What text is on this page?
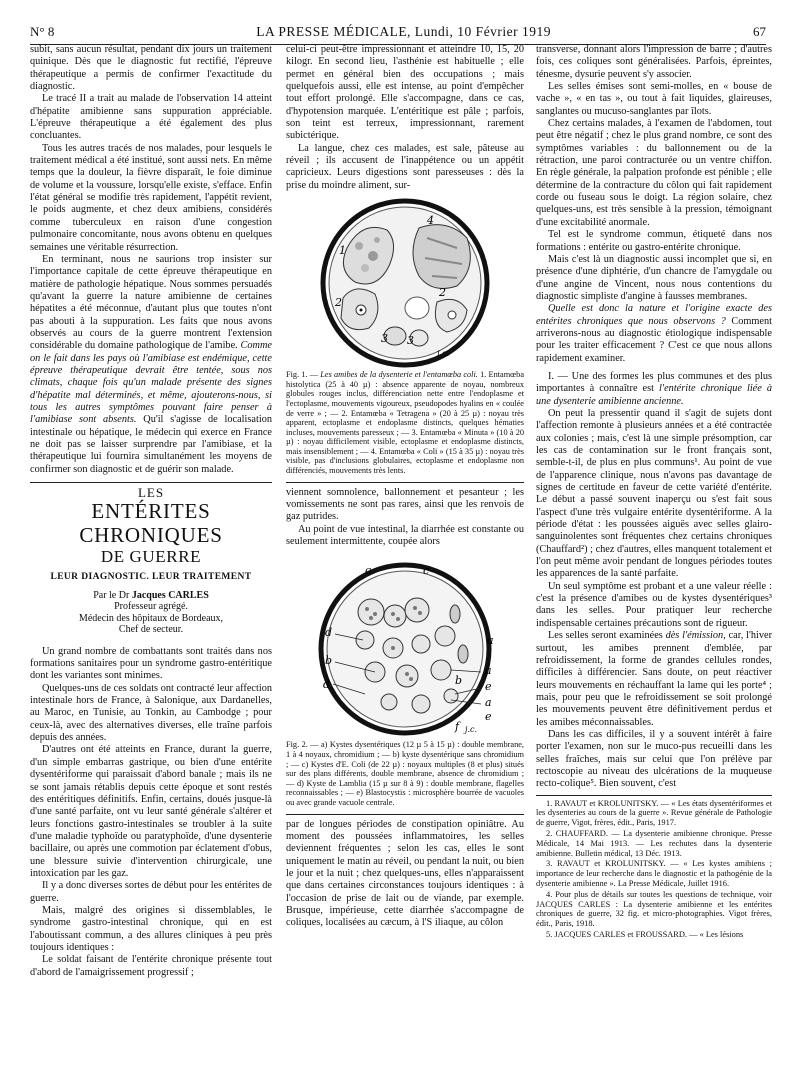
N° 8	LA PRESSE MÉDICALE, Lundi, 10 Février 1919	67

subit, sans aucun résultat, pendant dix jours un traitement quinique. Dès que le diagnostic fut rectifié, l'épreuve thérapeutique a permis de confirmer l'exactitude du diagnostic.

Le tracé II a trait au malade de l'observation 14 atteint d'hépatite amibienne sans suppuration appréciable. L'épreuve thérapeutique a été également des plus concluantes.

Tous les autres tracés de nos malades, pour lesquels le traitement médical a été institué, sont aussi nets. En même temps que la douleur, la fièvre disparaît, le foie diminue de volume et la voussure, lorsqu'elle existe, s'efface. Enfin l'état général se modifie très rapidement, l'appétit revient, le poids augmente, et chez deux amibiens, considérés comme tuberculeux en raison d'une congestion pulmonaire concomitante, nous avons obtenu en quelques semaines une véritable résurrection.

En terminant, nous ne saurions trop insister sur l'importance capitale de cette épreuve thérapeutique en matière de pathologie hépatique. Nous sommes persuadés qu'avant la guerre la nature amibienne de certaines hépatites a été méconnue, d'autant plus que toutes n'ont pas abouti à la suppuration. Les faits que nous avons observés au cours de la guerre montrent l'extension considérable du domaine pathologique de l'amibe. Comme on le fait dans les pays où l'amibiase est endémique, cette épreuve thérapeutique devrait être tentée, sous nos climats, chaque fois qu'un malade présente des signes d'hépatite mal déterminés, et même, ajouterons-nous, si tous les autres symptômes pouvant faire penser à l'amibiase sont absents. Qu'il s'agisse de localisation intestinale ou hépatique, le médecin qui exerce en France ne doit pas se laisser surprendre par l'amibiase, et la thérapeutique lui fournira simultanément les moyens de confirmer son diagnostic et de guérir son malade.

LES
ENTÉRITES CHRONIQUES
DE GUERRE
LEUR DIAGNOSTIC. LEUR TRAITEMENT
Par le Dr Jacques CARLES
Professeur agrégé.
Médecin des hôpitaux de Bordeaux,
Chef de secteur.

Un grand nombre de combattants sont traités dans nos formations sanitaires pour un syndrome gastro-entéritique dont les variantes sont minimes.

Quelques-uns de ces soldats ont contracté leur affection intestinale hors de France, à Salonique, aux Dardanelles, au Maroc, en Tunisie, au Tonkin, au Cambodge ; pour ceux-là, avec des alternatives diverses, elle traîne parfois depuis des années.

D'autres ont été atteints en France, durant la guerre, d'un simple embarras gastrique, ou bien d'une entérite dysentériforme qui paraissait d'abord banale ; mais ils ne se sont jamais rétablis depuis cette époque et sont restés des entéritiques définitifs. Enfin, certains, doués jusque-là d'une santé parfaite, ont vu leur santé générale s'altérer et leurs fonctions gastro-intestinales se troubler à la suite d'une maladie typhoïde ou paratyphoïde, d'une dysenterie bacillaire, ou après une commotion par éclatement d'obus, une blessure suivie d'intervention chirurgicale, une intoxication par les gaz.

Il y a donc diverses sortes de début pour les entérites de guerre.

Mais, malgré des origines si dissemblables, le syndrome gastro-intestinal chronique, qui en est l'aboutissant commun, a des allures cliniques à peu près toujours identiques :

Le soldat faisant de l'entérite chronique présente tout d'abord de l'amaigrissement progressif ;

celui-ci peut-être impressionnant et atteindre 10, 15, 20 kilogr. En second lieu, l'asthénie est habituelle ; elle permet en général bien des occupations ; mais quelquefois aussi, elle est intense, au point d'empêcher tout effort prolongé. Elle s'accompagne, dans ce cas, d'hypotension marquée. L'entéritique est pâle ; parfois, son teint est terreux, impressionnant, rarement subictérique.

La langue, chez ces malades, est sale, pâteuse au réveil ; ils accusent de l'inappétence ou un appétit capricieux. Leurs digestions sont paresseuses : dès la prise du moindre aliment, sur-

1
2
4
2
3
3
j.c.
Fig. 1. — Les amibes de la dysenterie et l'entamœba coli. 1. Entamœba histolytica (25 à 40 µ) : absence apparente de noyau, nombreux globules rouges inclus, différenciation nette entre l'endoplasme et l'ectoplasme, mouvements vigoureux, pseudopodes hyalins en « coulée de verre » ; — 2. Entamœba « Tetragena » (20 à 25 µ) : noyau très apparent, ectoplasme et endoplasme distincts, quelques hématies incluses, mouvements paresseux ; — 3. Entamœba « Minuta » (10 à 20 µ) : noyau difficilement visible, ectoplasme et endoplasme distincts, mais insensiblement ; — 4. Entamœba « Coli » (15 à 35 µ) : noyau très visible, pas d'inclusions globulaires, ectoplasme et endoplasme non différenciés, mouvements très lents.

viennent somnolence, ballonnement et pesanteur ; les vomissements ne sont pas rares, ainsi que les renvois de gaz putrides.

Au point de vue intestinal, la diarrhée est constante ou seulement intermittente, coupée alors

c	c
a
d
b
b
d
a
e
a
e
f j.c.
Fig. 2. — a) Kystes dysentériques (12 µ 5 à 15 µ) : double membrane, 1 à 4 noyaux, chromidium ; — b) kyste dysentérique sans chromidium ; — c) Kystes d'E. Coli (de 22 µ) : noyaux multiples (8 et plus) situés sur des plans différents, double membrane, absence de chromidium ; — d) Kyste de Lamblia (15 µ sur 8 à 9) : double membrane, flagelles reconnaissables ; — e) Blastocystis : microsphère bourrée de vacuoles ou avec grande vacuole centrale.

par de longues périodes de constipation opiniâtre. Au moment des poussées inflammatoires, les selles deviennent fréquentes ; selon les cas, elles le sont uniquement le matin au réveil, ou pendant la nuit, ou bien le jour et la nuit ; chez quelques-uns, elles n'apparaissent que dans certaines circonstances toujours identiques : à l'occasion de prise de lait ou de viande, par exemple. Brusque, impérieuse, cette diarrhée s'accompagne de coliques, localisées au cæcum, à l'S iliaque, au côlon

transverse, donnant alors l'impression de barre ; d'autres fois, ces coliques sont généralisées. Parfois, épreintes, ténesme, dysurie peuvent s'y associer.

Les selles émises sont semi-molles, en « bouse de vache », « en tas », ou tout à fait liquides, glaireuses, sanglantes ou mucuso-sanglantes par îlots.

Chez certains malades, à l'examen de l'abdomen, tout peut être négatif ; chez le plus grand nombre, ce sont des symptômes variables : du ballonnement ou de la rétraction, une paroi contracturée ou un ventre chiffon. En règle générale, la palpation profonde est pénible ; elle détermine de la contracture du côlon qui fait rapidement corde ou fuseau sous le doigt. La région solaire, chez quelques-uns, est très sensible à la pression, témoignant d'une excitabilité anormale.

Tel est le syndrome commun, étiqueté dans nos formations : entérite ou gastro-entérite chronique.

Mais c'est là un diagnostic aussi incomplet que si, en présence d'une diphtérie, d'un chancre de l'amygdale ou d'une angine de Vincent, nous nous contentions du diagnostic simpliste d'angine à fausses membranes.

Quelle est donc la nature et l'origine exacte des entérites chroniques que nous observons ? Comment arriverons-nous au diagnostic étiologique indispensable pour les traiter efficacement ? C'est ce que nous allons rapidement examiner.

I. — Une des formes les plus communes et des plus importantes à connaître est l'entérite chronique liée à une dysenterie amibienne ancienne.

On peut la pressentir quand il s'agit de sujets dont l'affection remonte à plusieurs années et a été contractée aux colonies ; mais, c'est là une simple présomption, car les cas de contamination sur le front français sont, semble-t-il, de plus en plus communs¹. Au point de vue de l'apparence clinique, nous n'avons pas davantage de signes de certitude en faveur de cette variété d'entérite. Le début a passé souvent inaperçu ou s'est fait sous l'aspect d'une très vulgaire entérite dysentériforme. A la période d'état : les poussées aiguës avec selles glairo-sanguinolentes sont fréquentes chez certains chroniques (Chauffard²) ; chez d'autres, elles manquent totalement et l'on peut même avoir pendant de longues périodes toutes les apparences de la santé parfaite.

Un seul symptôme est probant et a une valeur réelle : c'est la présence d'amibes ou de kystes dysentériques³ dans les selles. Pour pratiquer leur recherche indispensable certaines précautions sont de rigueur.

Les selles seront examinées dès l'émission, car, l'hiver surtout, les amibes prennent d'emblée, par refroidissement, la forme de grandes cellules rondes, difficiles à différencier. Sans doute, on peut réactiver leurs mouvements en réchauffant la lame qui les porte⁴ ; mais, pour peu que le refroidissement se soit prolongé les mouvements peuvent être définitivement perdus et les amibes méconnaissables.

Dans les cas difficiles, il y a souvent intérêt à faire porter l'examen, non sur le muco-pus recueilli dans les selles fraîches, mais sur celui que l'on prélève par rectoscopie au niveau des ulcérations de la muqueuse recto-colique⁵. Bien souvent, c'est

1. RAVAUT et KROLUNITSKY. — « Les états dysentériformes et les dysenteries au cours de la guerre ». Revue générale de Pathologie de guerre, Vigot, frères, édit., Paris, 1917.
2. CHAUFFARD. — La dysenterie amibienne chronique. Presse Médicale, 14 Mai 1913. — Les rechutes dans la dysenterie amibienne. Bulletin médical, 13 Déc. 1913.
3. RAVAUT et KROLUNITSKY. — « Les kystes amibiens ; importance de leur recherche dans le diagnostic et la pathogénie de la dysenterie amibienne ». La Presse Médicale, Juillet 1916.
4. Pour plus de détails sur toutes les questions de technique, voir JACQUES CARLES : La dysenterie amibienne et les entérites chroniques de guerre, 32 fig. et micro-photographies. Vigot frères, édit., Paris, 1918.
5. JACQUES CARLES et FROUSSARD. — « Les lésions
